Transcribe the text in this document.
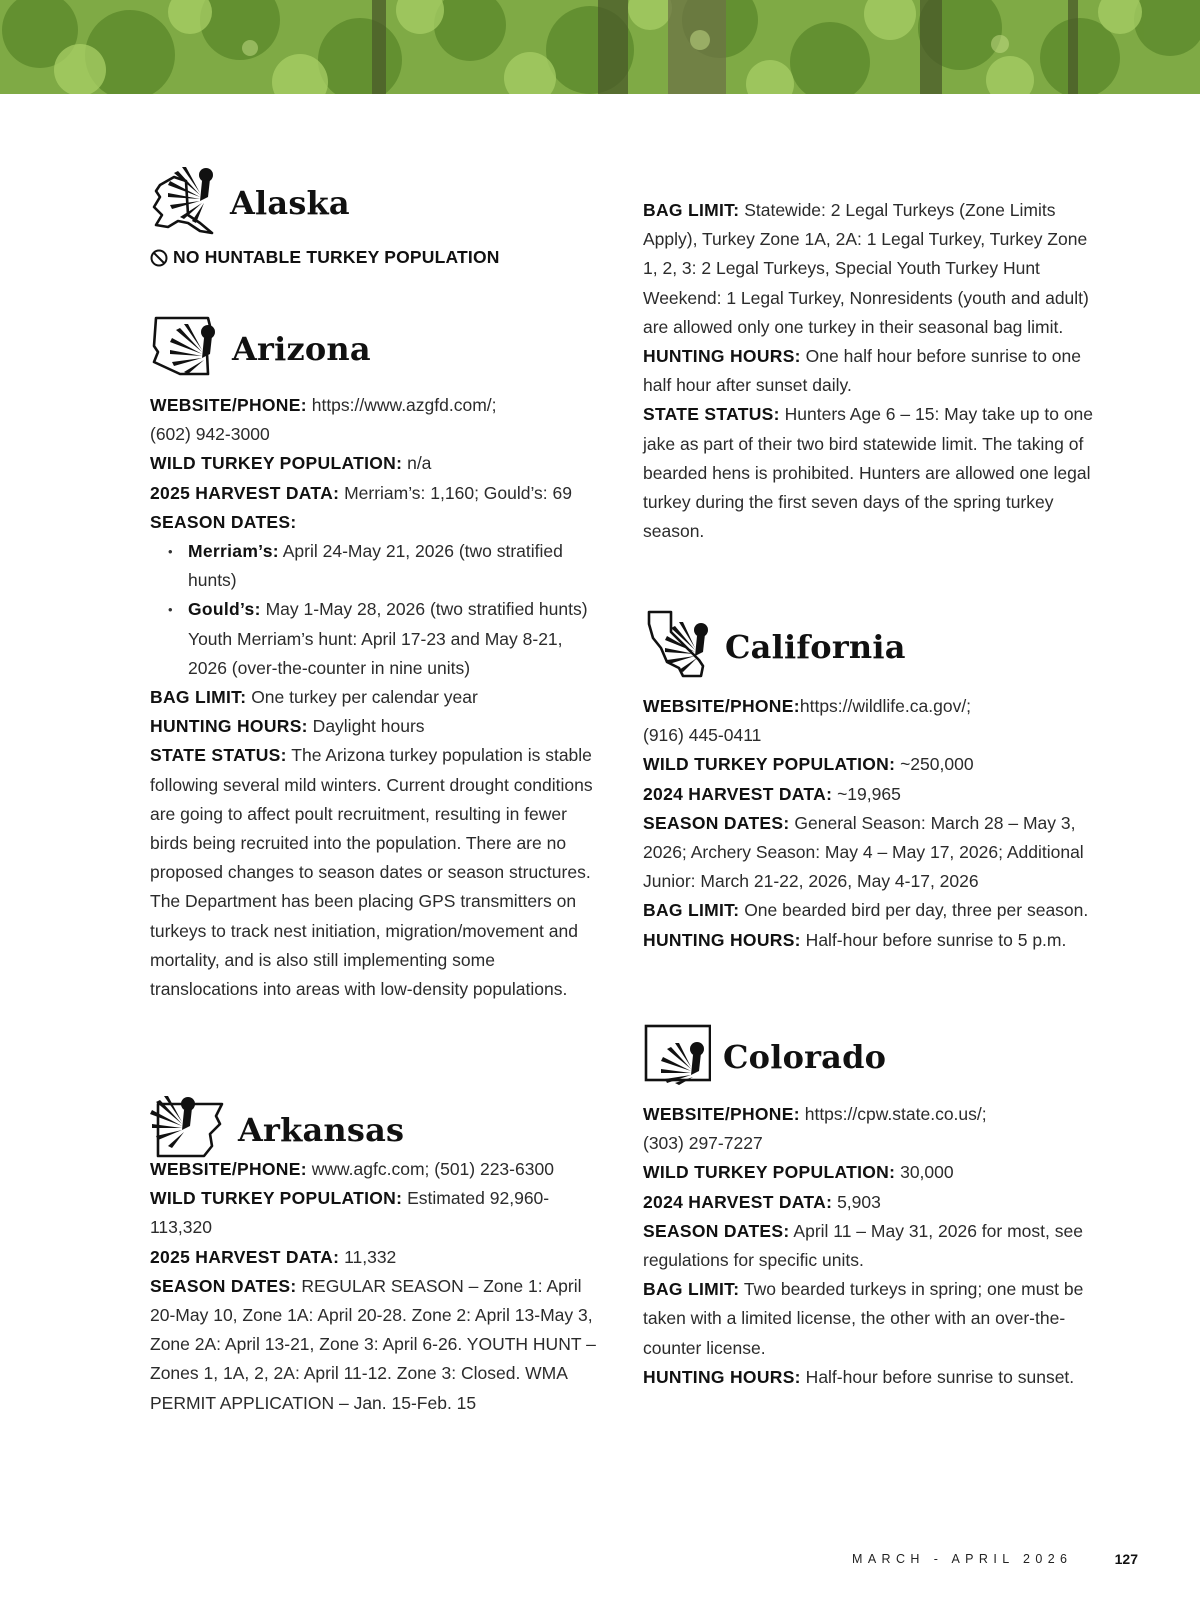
Alaska
NO HUNTABLE TURKEY POPULATION
Arizona

WEBSITE/PHONE: https://www.azgfd.com/;

(602) 942-3000

WILD TURKEY POPULATION: n/a

2025 HARVEST DATA: Merriam’s: 1,160; Gould’s: 69

SEASON DATES:

• Merriam’s: April 24-May 21, 2026 (two stratified hunts)
• Gould’s: May 1-May 28, 2026 (two stratified hunts) Youth Merriam’s hunt: April 17-23 and May 8-21, 2026 (over-the-counter in nine units)

BAG LIMIT: One turkey per calendar year

HUNTING HOURS: Daylight hours

STATE STATUS: The Arizona turkey population is stable following several mild winters. Current drought conditions are going to affect poult recruitment, resulting in fewer birds being recruited into the population. There are no proposed changes to season dates or season structures. The Department has been placing GPS transmitters on turkeys to track nest initiation, migration/movement and mortality, and is also still implementing some translocations into areas with low-density populations.

Arkansas

WEBSITE/PHONE: www.agfc.com; (501) 223-6300

WILD TURKEY POPULATION: Estimated 92,960-113,320

2025 HARVEST DATA: 11,332

SEASON DATES: REGULAR SEASON – Zone 1: April 20-May 10, Zone 1A: April 20-28. Zone 2: April 13-May 3, Zone 2A: April 13-21, Zone 3: April 6-26. YOUTH HUNT – Zones 1, 1A, 2, 2A: April 11-12. Zone 3: Closed. WMA PERMIT APPLICATION – Jan. 15-Feb. 15

BAG LIMIT: Statewide: 2 Legal Turkeys (Zone Limits Apply), Turkey Zone 1A, 2A: 1 Legal Turkey, Turkey Zone 1, 2, 3: 2 Legal Turkeys, Special Youth Turkey Hunt Weekend: 1 Legal Turkey, Nonresidents (youth and adult) are allowed only one turkey in their seasonal bag limit.

HUNTING HOURS: One half hour before sunrise to one half hour after sunset daily.

STATE STATUS: Hunters Age 6 – 15: May take up to one jake as part of their two bird statewide limit. The taking of bearded hens is prohibited. Hunters are allowed one legal turkey during the first seven days of the spring turkey season.

California

WEBSITE/PHONE:https://wildlife.ca.gov/;

(916) 445-0411

WILD TURKEY POPULATION: ~250,000

2024 HARVEST DATA: ~19,965

SEASON DATES: General Season: March 28 – May 3, 2026; Archery Season: May 4 – May 17, 2026; Additional Junior: March 21-22, 2026, May 4-17, 2026

BAG LIMIT: One bearded bird per day, three per season.

HUNTING HOURS: Half-hour before sunrise to 5 p.m.

Colorado

WEBSITE/PHONE: https://cpw.state.co.us/;

(303) 297-7227

WILD TURKEY POPULATION: 30,000

2024 HARVEST DATA: 5,903

SEASON DATES: April 11 – May 31, 2026 for most, see regulations for specific units.

BAG LIMIT: Two bearded turkeys in spring; one must be taken with a limited license, the other with an over-the-counter license.

HUNTING HOURS: Half-hour before sunrise to sunset.

MARCH - APRIL 2026	127
